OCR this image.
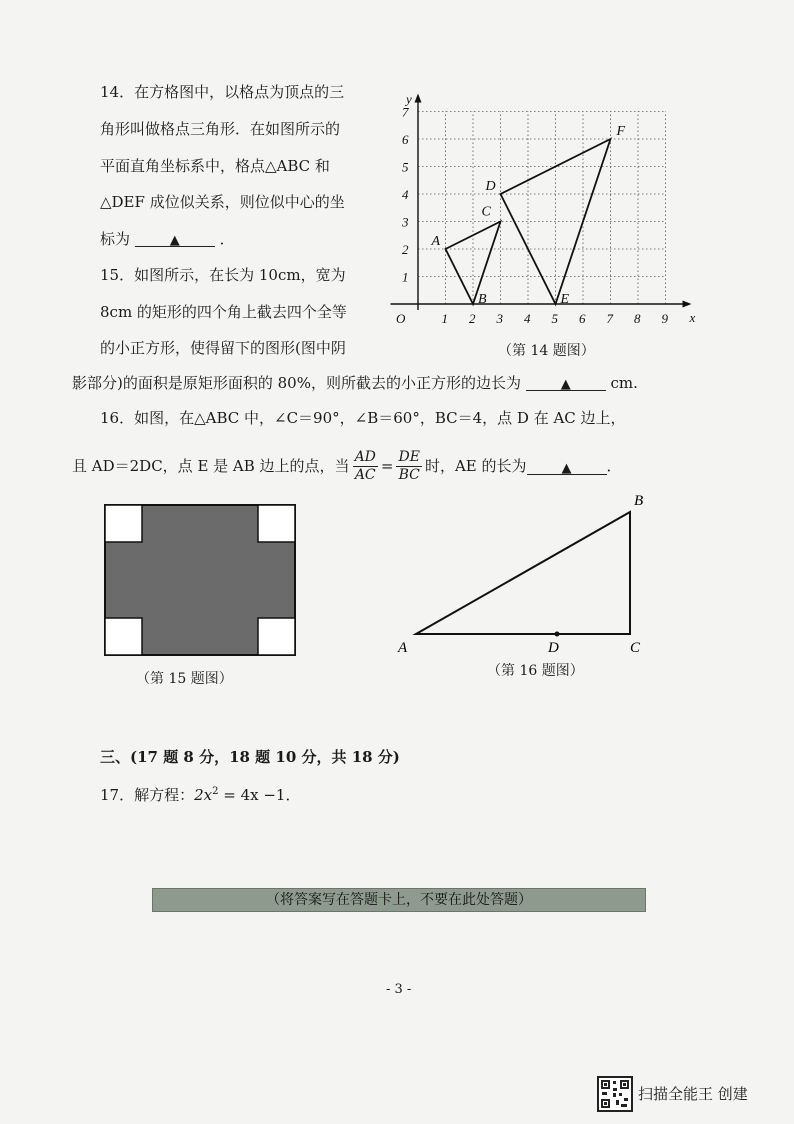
14．在方格图中，以格点为顶点的三
角形叫做格点三角形．在如图所示的
平面直角坐标系中，格点△ABC 和
△DEF 成位似关系，则位似中心的坐
标为	▲	．
x
y
O	1 2 3 4 5 6 7 8 9
1
2
3
4
5
6
7
A
B
C
D
E
F
（第 14 题图）
15．如图所示，在长为 10cm，宽为
8cm 的矩形的四个角上截去四个全等
的小正方形，使得留下的图形(图中阴
影部分)的面积是原矩形面积的 80%，则所截去的小正方形的边长为	▲	cm.
16．如图，在△ABC 中，∠C＝90°，∠B＝60°，BC＝4，点 D 在 AC 边上，
且 AD＝2DC，点 E 是 AB 边上的点，当 $\frac{AD}{AC} = \frac{DE}{BC}$ 时，AE 的长为	▲	．
（第 15 题图）
A
B
C
D
（第 16 题图）
三、(17 题 8 分，18 题 10 分，共 18 分)
17．解方程：$2x^2 = 4x -1$．
（将答案写在答题卡上，不要在此处答题）
- 3 -
扫描全能王 创建
